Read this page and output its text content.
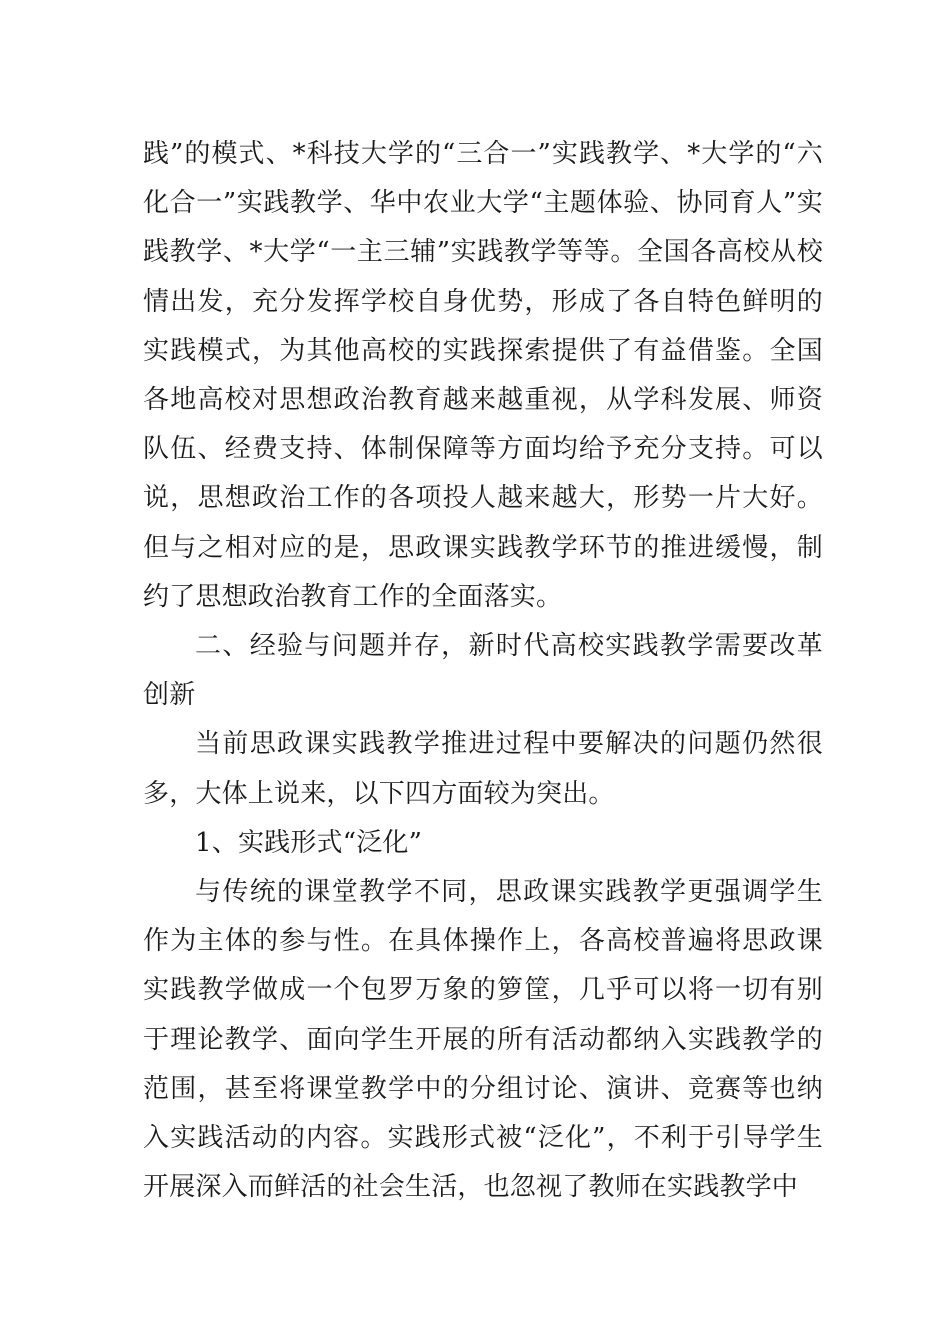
践”的模式、*科技大学的“三合一”实践教学、*大学的“六化合一”实践教学、华中农业大学“主题体验、协同育人”实践教学、*大学“一主三辅”实践教学等等。全国各高校从校情出发，充分发挥学校自身优势，形成了各自特色鲜明的实践模式，为其他高校的实践探索提供了有益借鉴。全国各地高校对思想政治教育越来越重视，从学科发展、师资队伍、经费支持、体制保障等方面均给予充分支持。可以说，思想政治工作的各项投人越来越大，形势一片大好。但与之相对应的是，思政课实践教学环节的推进缓慢，制约了思想政治教育工作的全面落实。

二、经验与问题并存，新时代高校实践教学需要改革创新

当前思政课实践教学推进过程中要解决的问题仍然很多，大体上说来，以下四方面较为突出。

1、实践形式“泛化”

与传统的课堂教学不同，思政课实践教学更强调学生作为主体的参与性。在具体操作上，各高校普遍将思政课实践教学做成一个包罗万象的箩筐，几乎可以将一切有别于理论教学、面向学生开展的所有活动都纳入实践教学的范围，甚至将课堂教学中的分组讨论、演讲、竞赛等也纳入实践活动的内容。实践形式被“泛化”，不利于引导学生开展深入而鲜活的社会生活，也忽视了教师在实践教学中
